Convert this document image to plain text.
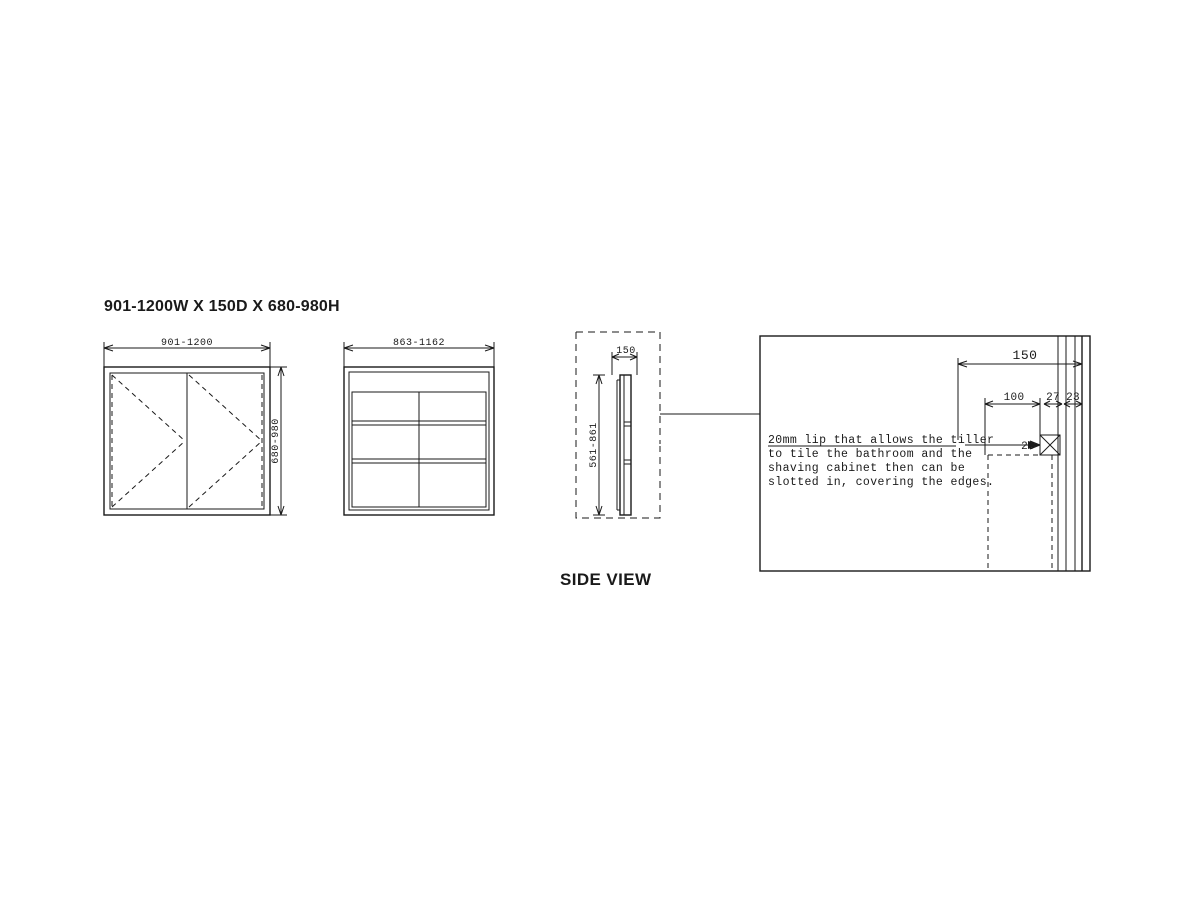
901-1200W X 150D X 680-980H
SIDE VIEW
901-1200
680-980
863-1162
150
561-861
150
100 27 23
20
20mm lip that allows the tiller
to tile the bathroom and the
shaving cabinet then can be
slotted in, covering the edges.
